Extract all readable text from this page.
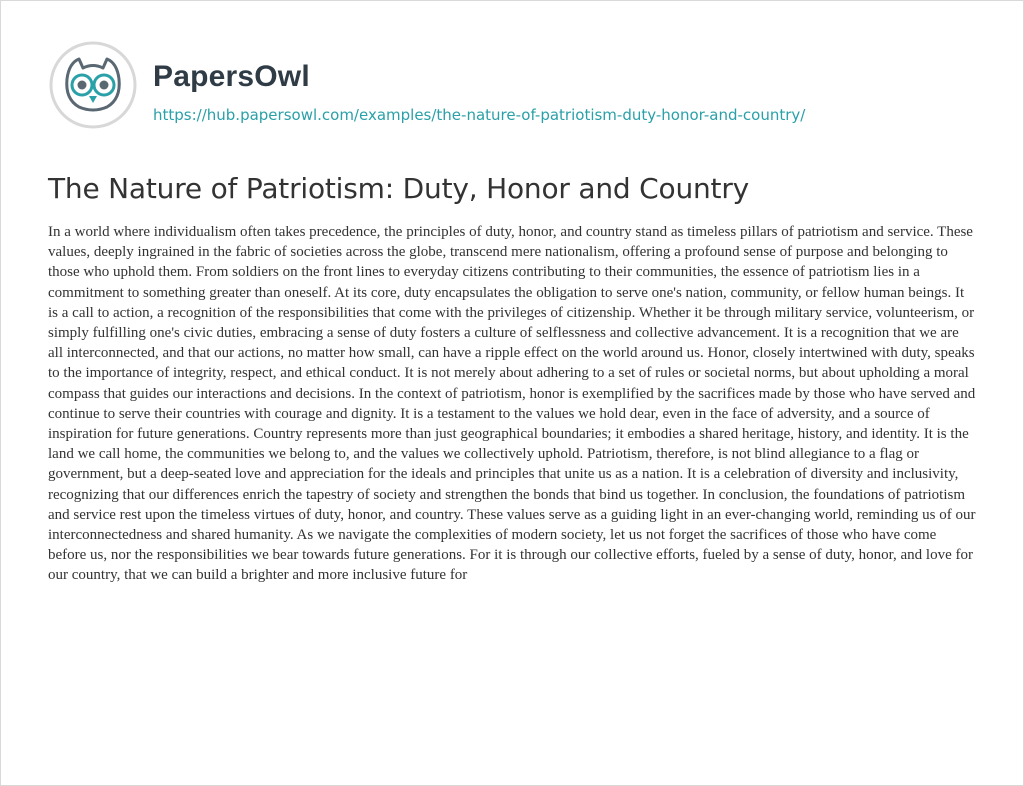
PapersOwl
https://hub.papersowl.com/examples/the-nature-of-patriotism-duty-honor-and-country/
The Nature of Patriotism: Duty, Honor and Country

In a world where individualism often takes precedence, the principles of duty, honor, and country stand as timeless pillars of patriotism and service. These values, deeply ingrained in the fabric of societies across the globe, transcend mere nationalism, offering a profound sense of purpose and belonging to those who uphold them. From soldiers on the front lines to everyday citizens contributing to their communities, the essence of patriotism lies in a commitment to something greater than oneself. At its core, duty encapsulates the obligation to serve one's nation, community, or fellow human beings. It is a call to action, a recognition of the responsibilities that come with the privileges of citizenship. Whether it be through military service, volunteerism, or simply fulfilling one's civic duties, embracing a sense of duty fosters a culture of selflessness and collective advancement. It is a recognition that we are all interconnected, and that our actions, no matter how small, can have a ripple effect on the world around us. Honor, closely intertwined with duty, speaks to the importance of integrity, respect, and ethical conduct. It is not merely about adhering to a set of rules or societal norms, but about upholding a moral compass that guides our interactions and decisions. In the context of patriotism, honor is exemplified by the sacrifices made by those who have served and continue to serve their countries with courage and dignity. It is a testament to the values we hold dear, even in the face of adversity, and a source of inspiration for future generations. Country represents more than just geographical boundaries; it embodies a shared heritage, history, and identity. It is the land we call home, the communities we belong to, and the values we collectively uphold. Patriotism, therefore, is not blind allegiance to a flag or government, but a deep-seated love and appreciation for the ideals and principles that unite us as a nation. It is a celebration of diversity and inclusivity, recognizing that our differences enrich the tapestry of society and strengthen the bonds that bind us together. In conclusion, the foundations of patriotism and service rest upon the timeless virtues of duty, honor, and country. These values serve as a guiding light in an ever-changing world, reminding us of our interconnectedness and shared humanity. As we navigate the complexities of modern society, let us not forget the sacrifices of those who have come before us, nor the responsibilities we bear towards future generations. For it is through our collective efforts, fueled by a sense of duty, honor, and love for our country, that we can build a brighter and more inclusive future for
